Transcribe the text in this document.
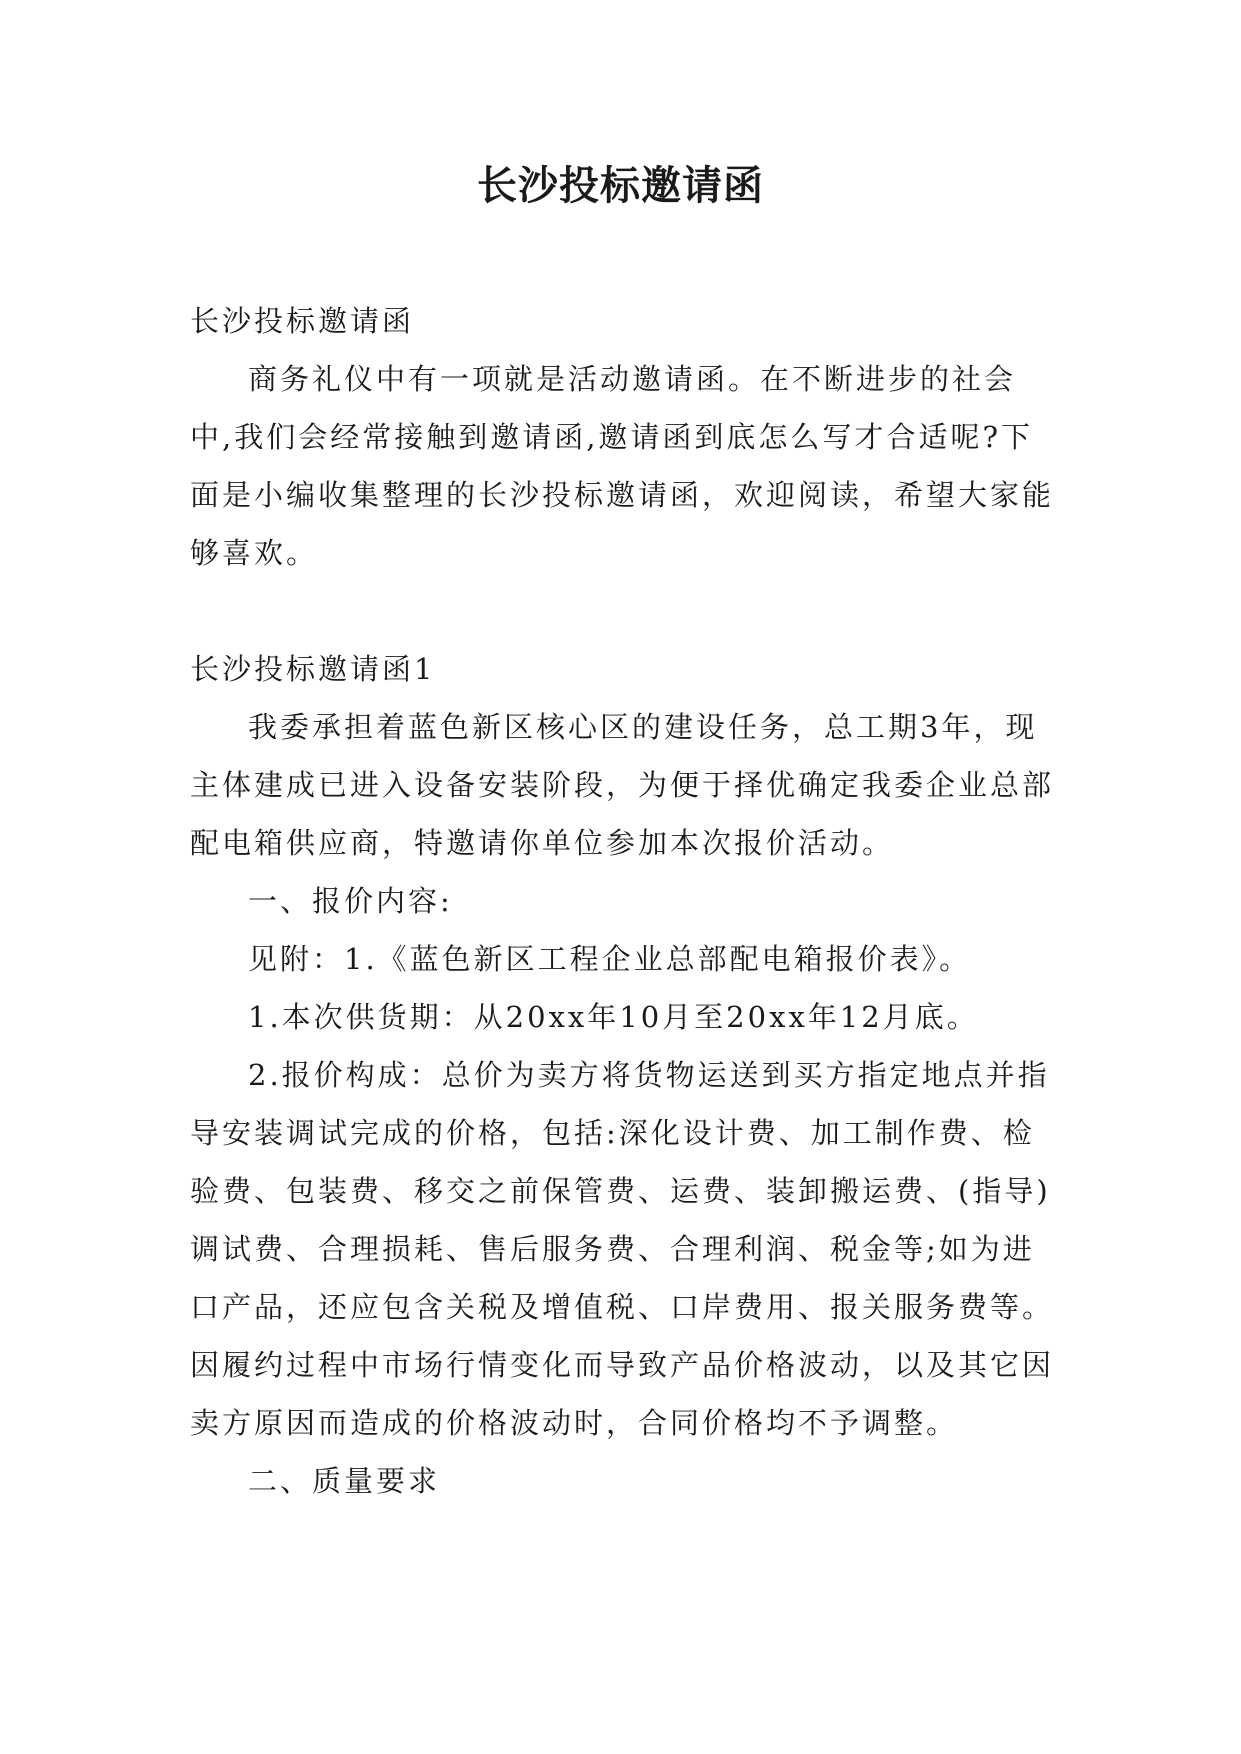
长沙投标邀请函

长沙投标邀请函

商务礼仪中有一项就是活动邀请函。在不断进步的社会中,我们会经常接触到邀请函,邀请函到底怎么写才合适呢?下面是小编收集整理的长沙投标邀请函，欢迎阅读，希望大家能够喜欢。

长沙投标邀请函1

我委承担着蓝色新区核心区的建设任务，总工期3年，现主体建成已进入设备安装阶段，为便于择优确定我委企业总部配电箱供应商，特邀请你单位参加本次报价活动。

一、报价内容:

见附：1.《蓝色新区工程企业总部配电箱报价表》。

1.本次供货期：从20xx年10月至20xx年12月底。

2.报价构成：总价为卖方将货物运送到买方指定地点并指导安装调试完成的价格，包括:深化设计费、加工制作费、检验费、包装费、移交之前保管费、运费、装卸搬运费、(指导)调试费、合理损耗、售后服务费、合理利润、税金等;如为进口产品，还应包含关税及增值税、口岸费用、报关服务费等。因履约过程中市场行情变化而导致产品价格波动，以及其它因卖方原因而造成的价格波动时，合同价格均不予调整。

二、质量要求
